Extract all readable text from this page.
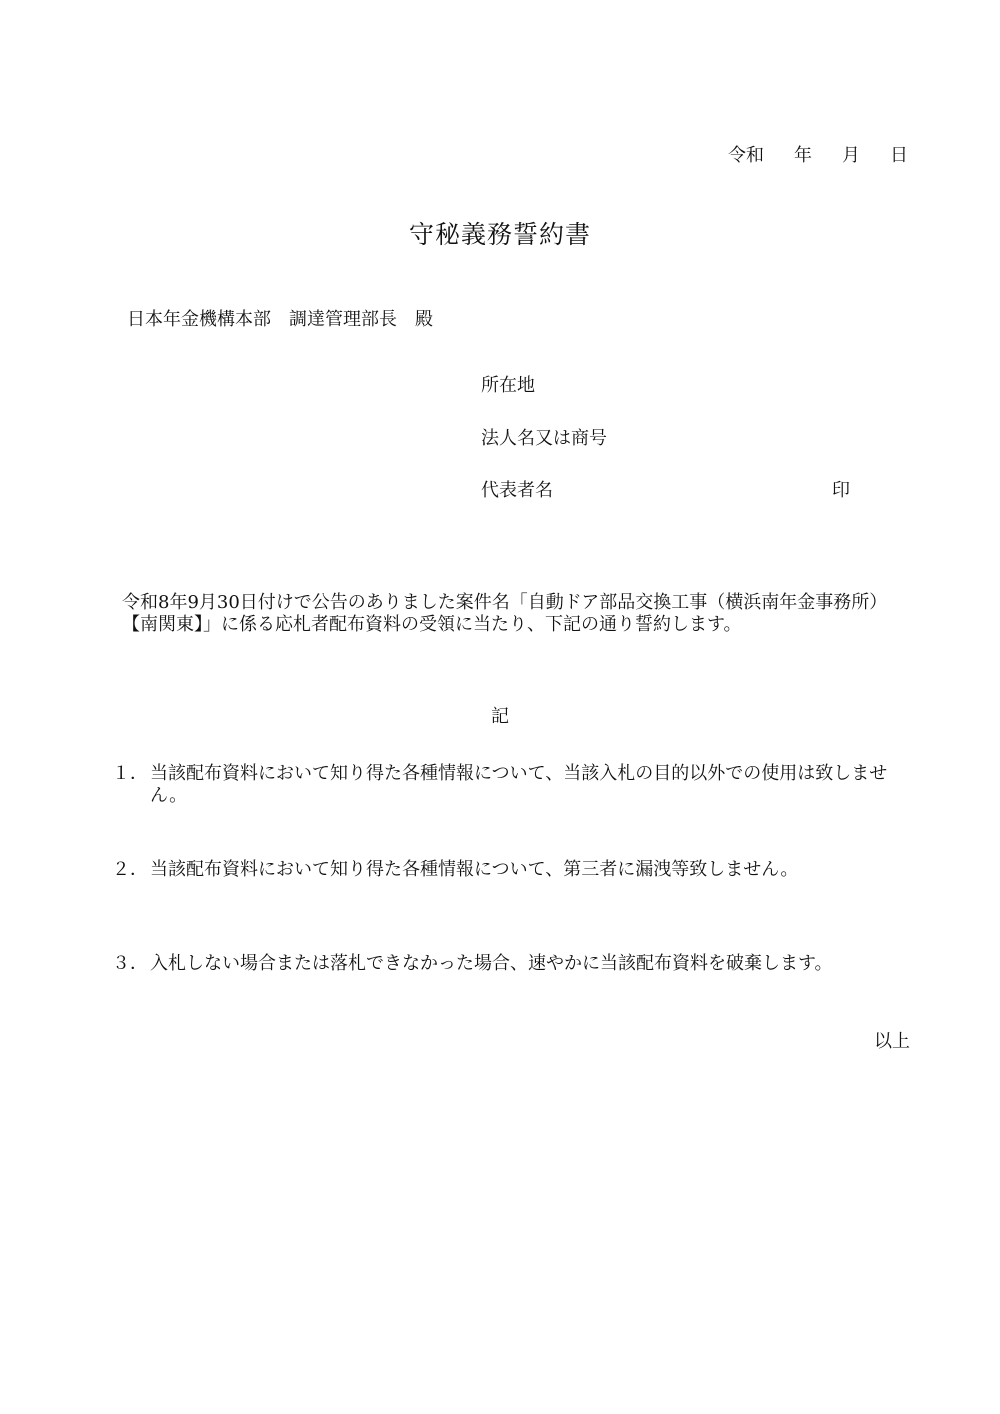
令和 年 月 日
守秘義務誓約書
日本年金機構本部 調達管理部長 殿
所在地
法人名又は商号
代表者名	印
令和8年9月30日付けで公告のありました案件名「自動ドア部品交換工事（横浜南年金事務所）【南関東】」に係る応札者配布資料の受領に当たり、下記の通り誓約します。
記
１． 当該配布資料において知り得た各種情報について、当該入札の目的以外での使用は致しません。
２． 当該配布資料において知り得た各種情報について、第三者に漏洩等致しません。
３． 入札しない場合または落札できなかった場合、速やかに当該配布資料を破棄します。
以上
